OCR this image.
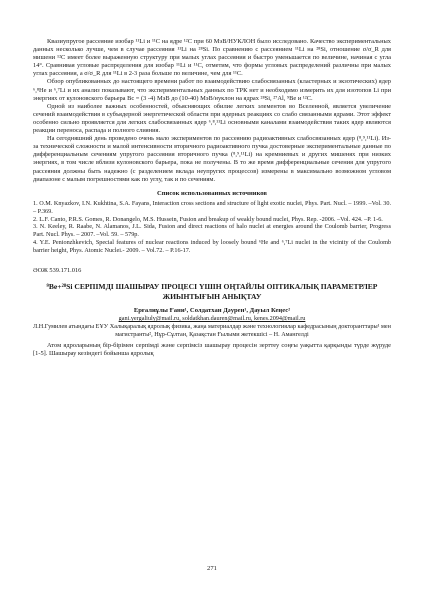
Квазиупругое рассеяние изобар ¹¹Li и ¹¹C на ядре ¹²C при 60 МэВ/НУКЛОН было исследовано. Качество экспериментальных данных несколько лучше, чем в случае рассеяния ¹¹Li на ²⁸Si. По сравнению с рассеянием ¹¹Li на ²⁸Si, отношение σ/σ_R для мишени ¹²C имеет более выраженную структуру при малых углах рассеяния и быстро уменьшается по величине, начиная с угла 14°. Сравнивая угловые распределения для изобар ¹¹Li и ¹¹C, отметим, что формы угловых распределений различны при малых углах рассеяния, а σ/σ_R для ¹¹Li в 2-3 раза больше по величине, чем для ¹¹C.

Обзор опубликованных до настоящего времени работ по взаимодействию слабосвязанных (кластерных и экзотических) ядер ⁶,⁸He и ⁶,⁷Li и их анализ показывают, что экспериментальных данных по ТРК нет и необходимо измерить их для изотопов Li при энергиях от кулоновского барьера Bc = (3 -4) МэВ до (10-40) МэВ/нуклон на ядрах ²⁸Si, ²⁷Al, ⁹Be и ¹²C.

Одной из наиболее важных особенностей, объясняющих обилие легких элементов во Вселенной, является увеличение сечений взаимодействия в субъядерной энергетической области при ядерных реакциях со слабо связанными ядрами. Этот эффект особенно сильно проявляется для легких слабосвязанных ядер ⁶,⁸,¹¹Li основными каналами взаимодействия таких ядер являются реакции переноса, распада и полного слияния.

На сегодняшний день проведено очень мало экспериментов по рассеянию радиоактивных слабосвязанных ядер (⁸,⁹,¹¹Li). Из-за технической сложности и малой интенсивности вторичного радиоактивного пучка достоверные экспериментальные данные по дифференциальным сечениям упругого рассеяния вторичного пучка (⁸,⁹,¹¹Li) на кремниевых и других мишенях при низких энергиях, в том числе вблизи кулоновского барьера, пока не получены. В то же время дифференциальные сечения для упругого рассеяния должны быть надежно (с разделением вклада неупругих процессов) измерены в максимально возможном угловом диапазоне с малым погрешностями как по углу, так и по сечениям.

Список использованных источников

1. O.M. Knyazkov, I.N. Kukhtina, S.A. Fayans, Interaction cross sections and structure of light exotic nuclei, Phys. Part. Nucl. – 1999. –Vol. 30. – P.369.

2. L.F. Canto, P.R.S. Gomes, R. Donangelo, M.S. Hussein, Fusion and breakup of weakly bound nuclei, Phys. Rep. -2006. –Vol. 424. –P. 1-6.

3. N. Keeley, R. Raabe, N. Alamanos, J.L. Sida, Fusion and direct reactions of halo nuclei at energies around the Coulomb barrier, Progress Part. Nucl. Phys. – 2007. –Vol. 59. – 579p.

4. Y.E. Penionzhkevich, Special features of nuclear reactions induced by loosely bound ⁶He and ⁶,⁷Li nuclei in the vicinity of the Coulomb barrier height, Phys. Atomic Nuclei.- 2009. – Vol.72. – P.16-17.

ӘОЖ 539.171.016

⁹Be+²⁸Si СЕРПІМДІ ШАШЫРАУ ПРОЦЕСІ ҮШІН ОҢТАЙЛЫ ОПТИКАЛЫҚ ПАРАМЕТРЛЕР ЖИЫНТЫҒЫН АНЫҚТАУ

Ерғалиұлы Ғани¹, Солдатхан Дәурен¹, Дауыл Кеңес²

gani.yergaliuly@mail.ru, soldatkhan.dauren@mail.ru, kenes.2094@mail.ru

Л.Н.Гумилев атындағы ЕҰУ Халықаралық ядролық физика, жаңа материалдар және технологиялар кафедрасының докторанттары¹ мен магистранты², Нұр-Сұлтан, Қазақстан Ғылыми жетекшісі – Н. Амангелді

Атом ядроларының бір-бірімен серпімді және серпімсіз шашырау процесін зерттеу соңғы уақытта қарқынды түрде жүруде [1-5]. Шашырау кезіндегі бойынша ядролық

271
